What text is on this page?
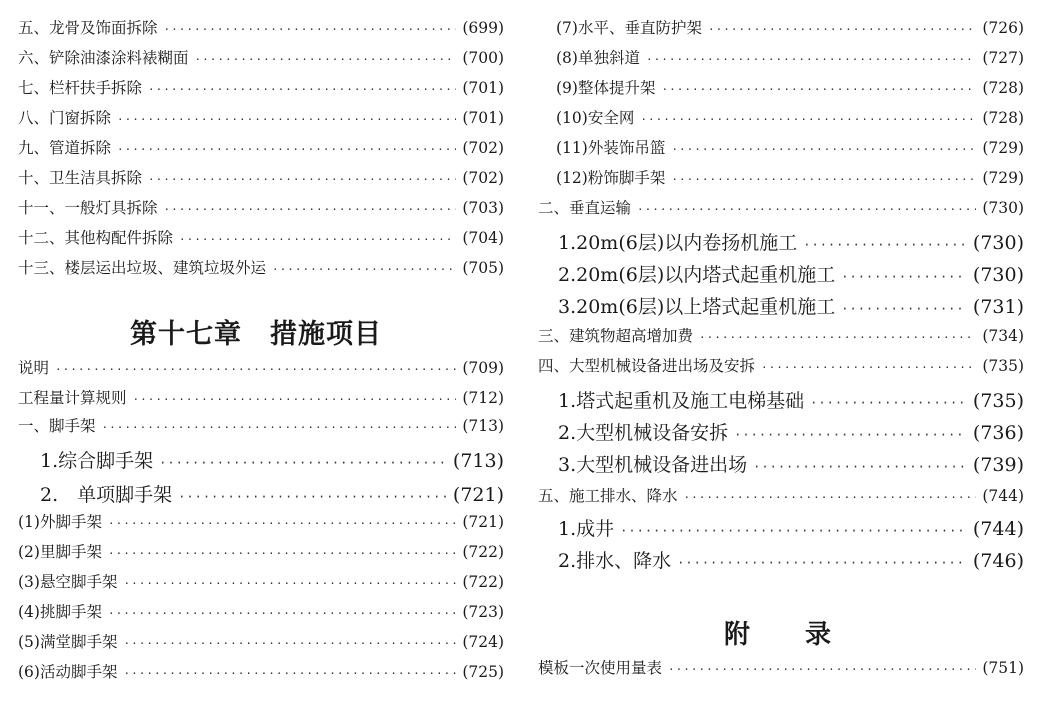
五、龙骨及饰面拆除 ·····	(699)
六、铲除油漆涂料裱糊面 ·····	(700)
七、栏杆扶手拆除 ·····	(701)
八、门窗拆除 ·····	(701)
九、管道拆除 ·····	(702)
十、卫生洁具拆除 ·····	(702)
十一、一般灯具拆除 ·····	(703)
十二、其他构配件拆除 ·····	(704)
十三、楼层运出垃圾、建筑垃圾外运 ·····	(705)
第十七章　措施项目
说明 ·····	(709)
工程量计算规则 ·····	(712)
一、脚手架 ·····	(713)
1.综合脚手架 ·····	(713)
2.　单项脚手架 ·····	(721)
(1)外脚手架 ·····	(721)
(2)里脚手架 ·····	(722)
(3)悬空脚手架 ·····	(722)
(4)挑脚手架 ·····	(723)
(5)满堂脚手架 ·····	(724)
(6)活动脚手架 ·····	(725)
(7)水平、垂直防护架 ·····	(726)
(8)单独斜道 ·····	(727)
(9)整体提升架 ·····	(728)
(10)安全网 ·····	(728)
(11)外装饰吊篮 ·····	(729)
(12)粉饰脚手架 ·····	(729)
二、垂直运输 ·····	(730)
1.20m(6层)以内卷扬机施工 ·····	(730)
2.20m(6层)以内塔式起重机施工 ·····	(730)
3.20m(6层)以上塔式起重机施工 ·····	(731)
三、建筑物超高增加费 ·····	(734)
四、大型机械设备进出场及安拆 ·····	(735)
1.塔式起重机及施工电梯基础 ·····	(735)
2.大型机械设备安拆 ·····	(736)
3.大型机械设备进出场 ·····	(739)
五、施工排水、降水 ·····	(744)
1.成井 ·····	(744)
2.排水、降水 ·····	(746)
附　　录
模板一次使用量表 ·····	(751)
